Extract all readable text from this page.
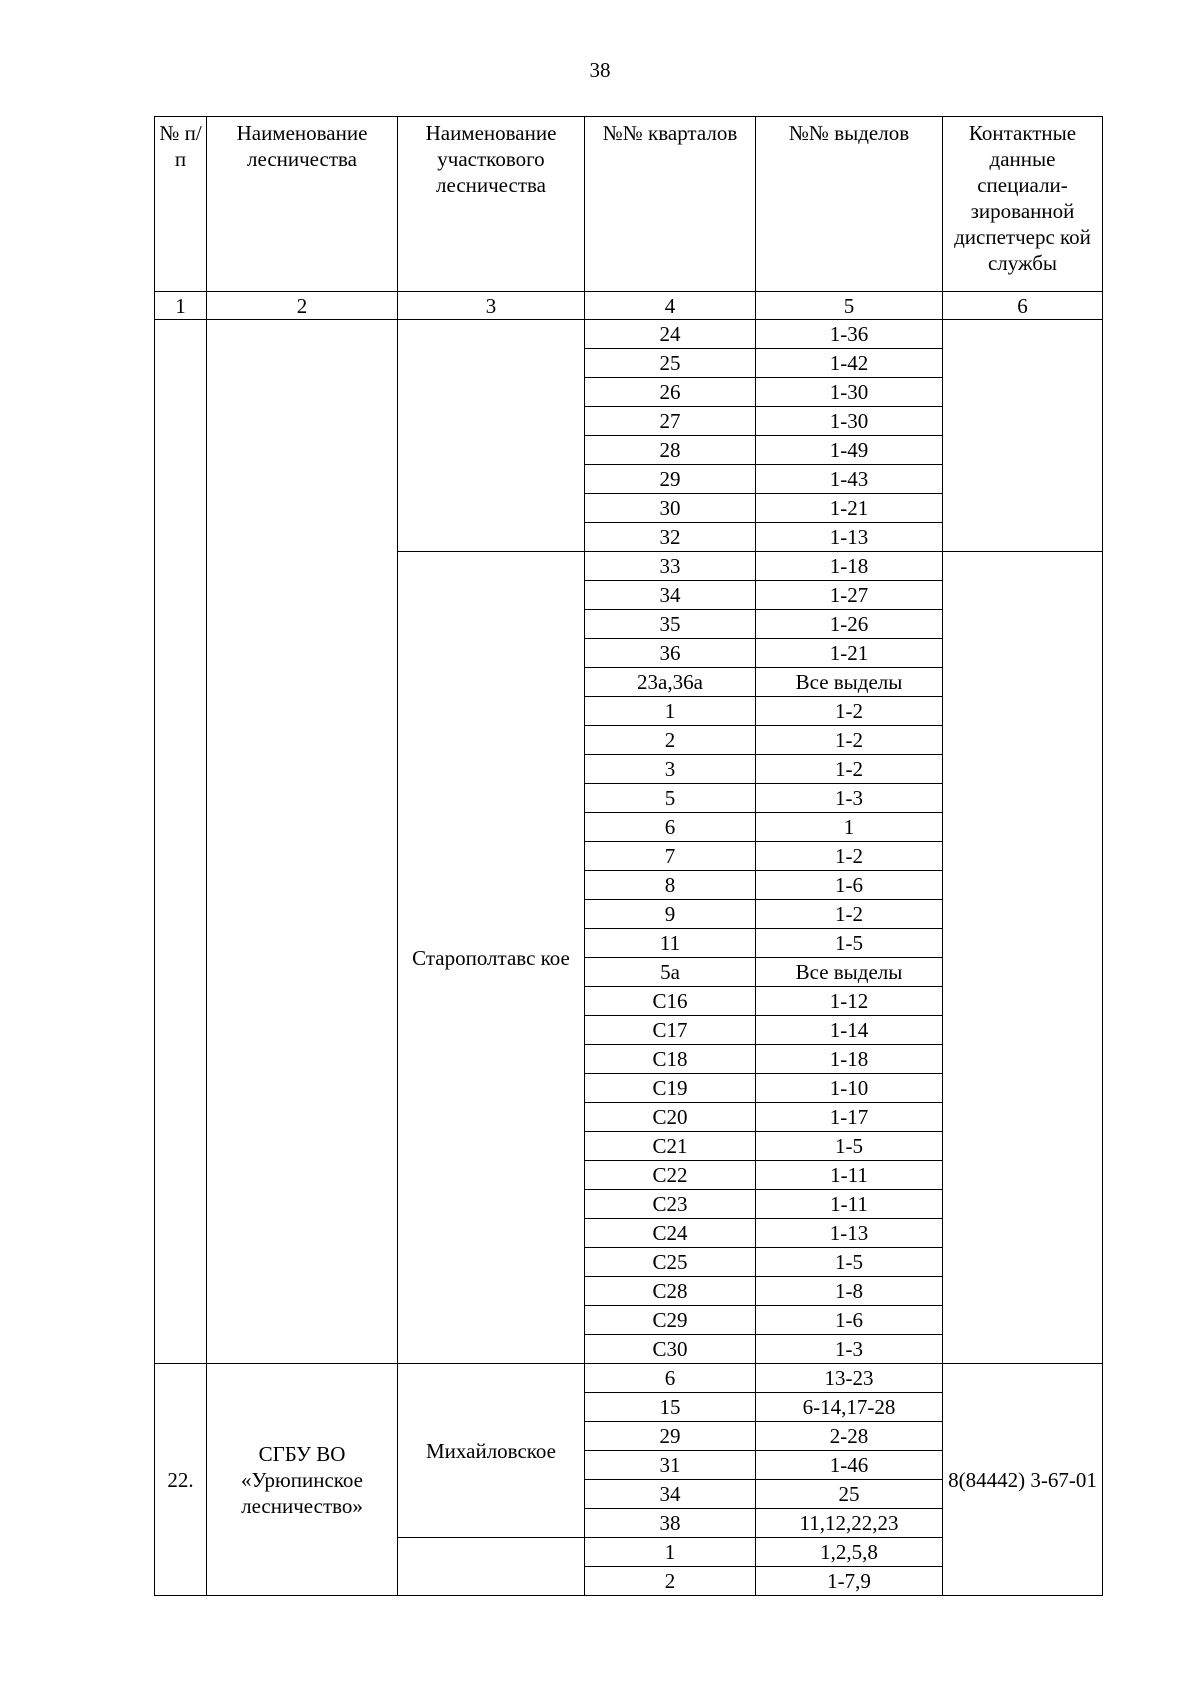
38
№ п/п	Наименование лесничества	Наименование участкового лесничества	№№ кварталов	№№ выделов	Контактные данные специали-зированной диспетчерс кой службы
1	2	3	4	5	6
			24	1-36	
			25	1-42	
			26	1-30	
			27	1-30	
			28	1-49	
			29	1-43	
			30	1-21	
			32	1-13	
		Старополтавс кое	33	1-18	
			34	1-27	
			35	1-26	
			36	1-21	
			23а,36а	Все выделы	
			1	1-2	
			2	1-2	
			3	1-2	
			5	1-3	
			6	1	
			7	1-2	
			8	1-6	
			9	1-2	
			11	1-5	
			5а	Все выделы	
			С16	1-12	
			С17	1-14	
			С18	1-18	
			С19	1-10	
			С20	1-17	
			С21	1-5	
			С22	1-11	
			С23	1-11	
			С24	1-13	
			С25	1-5	
			С28	1-8	
			С29	1-6	
			С30	1-3	
22.	СГБУ ВО «Урюпинское лесничество»	Михайловское	6	13-23	8(84442) 3-67-01
			15	6-14,17-28	
			29	2-28	
			31	1-46	
			34	25	
			38	11,12,22,23	
			1	1,2,5,8	
			2	1-7,9	
